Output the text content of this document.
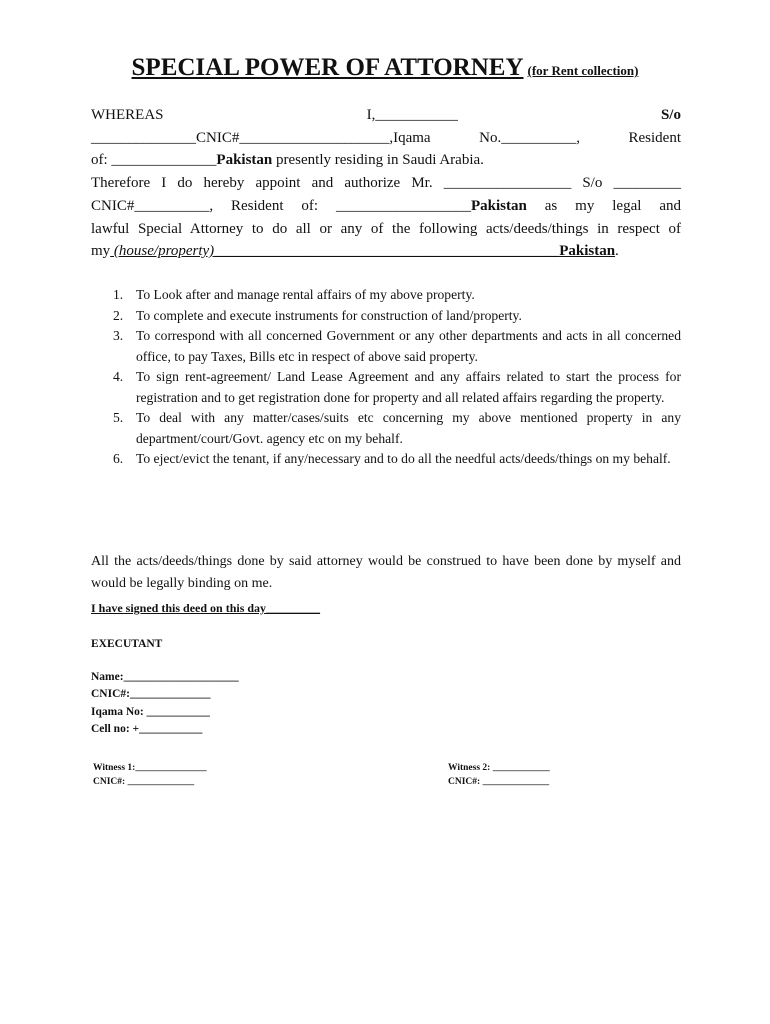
SPECIAL POWER OF ATTORNEY (for Rent collection)
WHEREAS	I,___________	S/o
______________CNIC#____________________,Iqama No.__________, Resident
of: ______________Pakistan presently residing in Saudi Arabia.
Therefore I do hereby appoint and authorize Mr. _________________ S/o _________
CNIC#__________, Resident of: __________________Pakistan as my legal and
lawful Special Attorney to do all or any of the following acts/deeds/things in respect of
my (house/property)______________________________________________Pakistan.
1. To Look after and manage rental affairs of my above property.
2. To complete and execute instruments for construction of land/property.
3. To correspond with all concerned Government or any other departments and acts in all concerned office, to pay Taxes, Bills etc in respect of above said property.
4. To sign rent-agreement/ Land Lease Agreement and any affairs related to start the process for registration and to get registration done for property and all related affairs regarding the property.
5. To deal with any matter/cases/suits etc concerning my above mentioned property in any department/court/Govt. agency etc on my behalf.
6. To eject/evict the tenant, if any/necessary and to do all the needful acts/deeds/things on my behalf.
All the acts/deeds/things done by said attorney would be construed to have been done by myself and would be legally binding on me.
I have signed this deed on this day_________
EXECUTANT
Name:____________________
CNIC#:______________
Iqama No: ___________
Cell no: +___________
Witness 1:_______________
CNIC#: ______________
Witness 2: ____________
CNIC#: ______________
